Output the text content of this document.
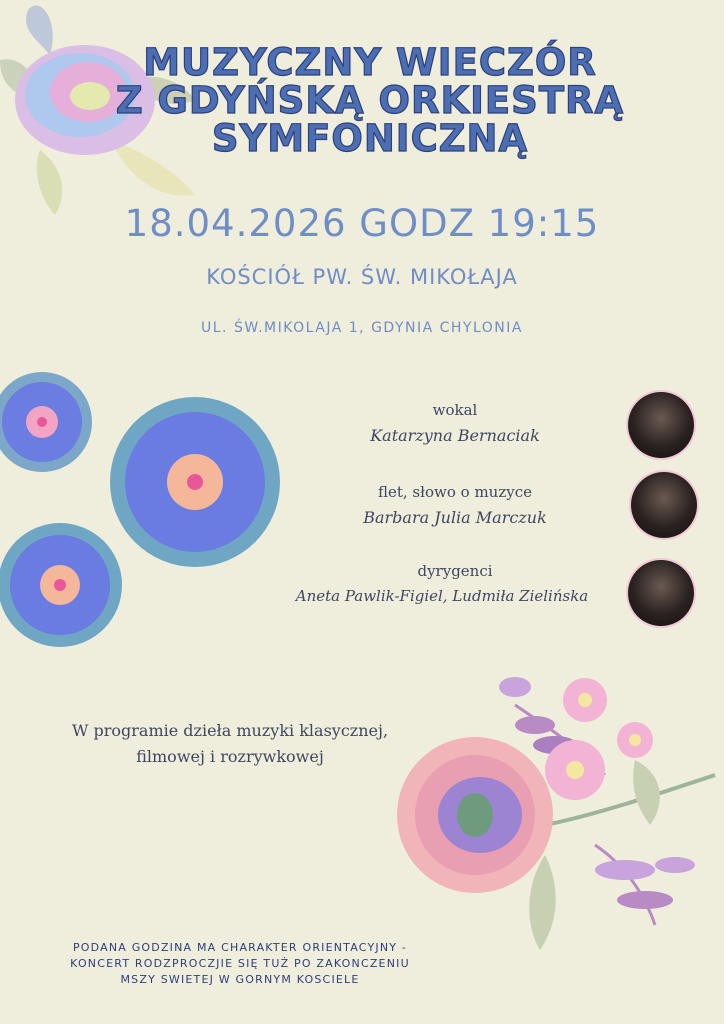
MUZYCZNY WIECZÓR
Z GDYŃSKĄ ORKIESTRĄ
SYMFONICZNĄ
18.04.2026 GODZ 19:15
KOŚCIÓŁ PW. ŚW. MIKOŁAJA
UL. ŚW.MIKOLAJA 1, GDYNIA CHYLONIA
wokal
Katarzyna Bernaciak
flet, słowo o muzyce
Barbara Julia Marczuk
dyrygenci
Aneta Pawlik-Figiel, Ludmiła Zielińska
W programie dzieła muzyki klasycznej,
filmowej i rozrywkowej
PODANA GODZINA MA CHARAKTER ORIENTACYJNY -
KONCERT RODZPROCZJIE SIĘ TUŻ PO ZAKONCZENIU
MSZY SWIETEJ W GORNYM KOSCIELE
